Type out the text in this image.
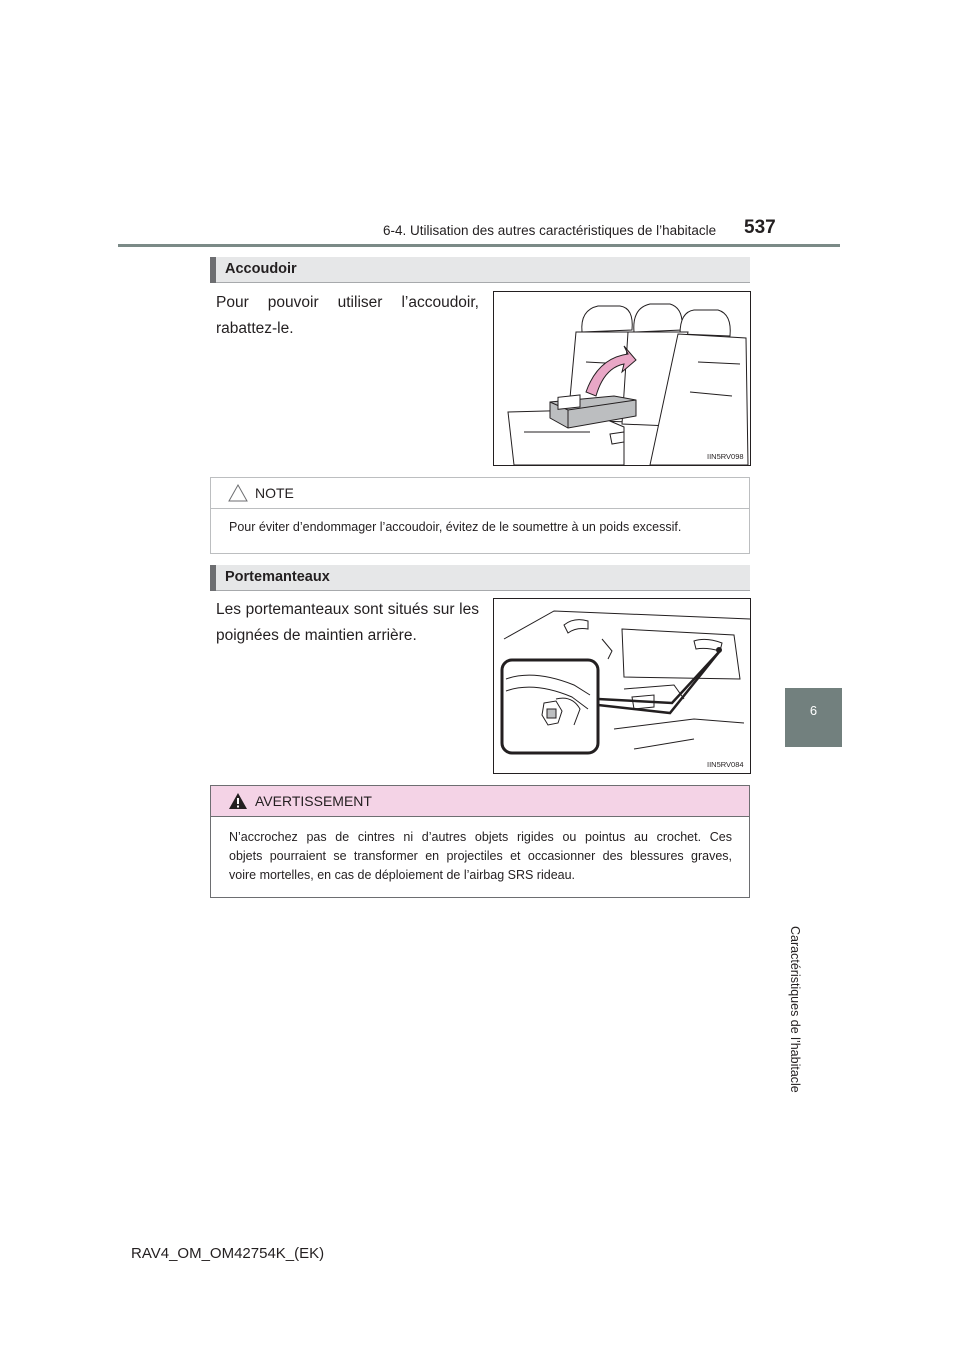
6-4. Utilisation des autres caractéristiques de l’habitacle 537
6
Caractéristiques de l’habitacle
Accoudoir
Pour pouvoir utiliser l’accoudoir,
rabattez-le.
IIN5RV098
NOTE
Pour éviter d’endommager l’accoudoir, évitez de le soumettre à un poids excessif.
Portemanteaux
Les portemanteaux sont situés sur les
poignées de maintien arrière.
IIN5RV084
AVERTISSEMENT
N’accrochez pas de cintres ni d’autres objets rigides ou pointus au crochet. Ces
objets pourraient se transformer en projectiles et occasionner des blessures graves,
voire mortelles, en cas de déploiement de l’airbag SRS rideau.
RAV4_OM_OM42754K_(EK)
